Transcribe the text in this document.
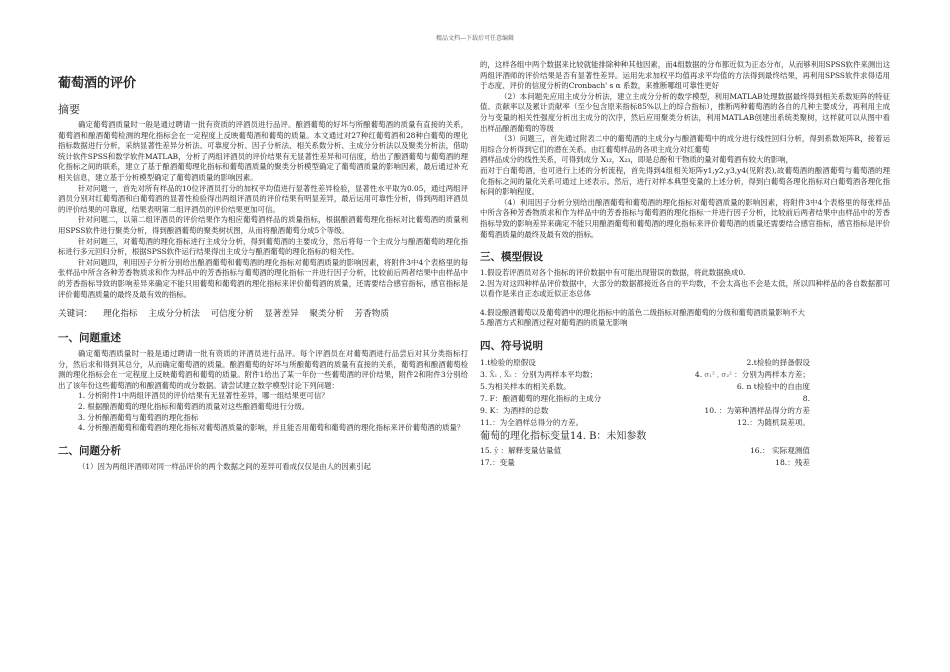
精品文档---下载后可任意编辑
葡萄酒的评价
摘要

确定葡萄酒质量时一般是通过聘请一批有资质的评酒员进行品评。酿酒葡萄的好坏与所酿葡萄酒的质量有直接的关系，葡萄酒和酿酒葡萄检测的理化指标会在一定程度上反映葡萄酒和葡萄的质量。本文通过对27种红葡萄酒和28种白葡萄的理化指标数据进行分析，采纳显著性差异分析法、可靠度分析、因子分析法、相关系数分析、主成分分析法以及聚类分析法，借助统计软件SPSS和数学软件MATLAB，分析了两组评酒员的评价结果有无显著性差异和可信度，给出了酿酒葡萄与葡萄酒的理化指标之间的联系，建立了基于酿酒葡萄理化指标和葡萄酒质量的聚类分析模型确定了葡萄酒质量的影响因素，最后通过补充相关信息，建立基于分析模型确定了葡萄酒质量的影响因素。

针对问题一，首先对所有样品的10位评酒员打分的加权平均值进行显著性差异检验，显著性水平取为0.05，通过两组评酒员分别对红葡萄酒和白葡萄酒的显著性检验得出两组评酒员的评价结果有明显差异，最后运用可靠性分析，得到两组评酒员的评价结果的可靠度，结果表明第二组评酒员的评价结果更加可信。

针对问题二，以第二组评酒员的评价结果作为相应葡萄酒样品的质量指标，根据酿酒葡萄理化指标对比葡萄酒的质量利用SPSS软件进行聚类分析，得到酿酒葡萄的聚类树状图，从而将酿酒葡萄分成5个等级。

针对问题三，对葡萄酒的理化指标进行主成分分析，得到葡萄酒的主要成分，然后将每一个主成分与酿酒葡萄的理化指标进行多元回归分析，根据SPSS软件运行结果得出主成分与酿酒葡萄的理化指标的相关性。

针对问题四，利用因子分析分别给出酿酒葡萄和葡萄酒的理化指标对葡萄酒质量的影响因素，将附件3中4个表格里的每张样品中所含各种芳香物质求和作为样品中的芳香指标与葡萄酒的理化指标一并进行因子分析，比较前后两者结果中由样品中的芳香指标导致的影响差异来确定不能只用葡萄和葡萄酒的理化指标来评价葡萄酒的质量，还需要结合感官指标，感官指标是评价葡萄酒质量的最终及最有效的指标。

关键词： 理化指标 主成分分析法 可信度分析 显著差异 聚类分析 芳香物质
一、问题重述

确定葡萄酒质量时一般是通过聘请一批有资质的评酒员进行品评。每个评酒员在对葡萄酒进行品尝后对其分类指标打分，然后求和得到其总分，从而确定葡萄酒的质量。酿酒葡萄的好坏与所酿葡萄酒的质量有直接的关系，葡萄酒和酿酒葡萄检测的理化指标会在一定程度上反映葡萄酒和葡萄的质量。附件1给出了某一年份一些葡萄酒的评价结果，附件2和附件3分别给出了该年份这些葡萄酒的和酿酒葡萄的成分数据。请尝试建立数学模型讨论下列问题：

1. 分析附件1中两组评酒员的评价结果有无显著性差异，哪一组结果更可信？

2. 根据酿酒葡萄的理化指标和葡萄酒的质量对这些酿酒葡萄进行分级。

3. 分析酿酒葡萄与葡萄酒的理化指标

4. 分析酿酒葡萄和葡萄酒的理化指标对葡萄酒质量的影响，并且能否用葡萄和葡萄酒的理化指标来评价葡萄酒的质量？

二、问题分析

（1）因为两组评酒师对同一样品评价的两个数据之间的差异可看成仅仅是由人的因素引起

的，这样各组中两个数据来比较就能排除种种其他因素，而4组数据的分布都近似为正态分布，从而够利用SPSS软件来测出这两组评酒师的评价结果是否有显著性差异。运用先求加权平均值再求平均值的方法得到最终结果，再利用SPSS软件求得适用于态度、评价的信度分析的Cronbach' s α 系数，来推断哪组可靠性更好

（2）本问题先应用主成分分析法，建立主成分分析的数学模型，利用MATLAB处理数据最终得到相关系数矩阵的特征值、贡献率以及累计贡献率（至少包含原来指标85%以上的综合指标），推断两种葡萄酒的各自的几种主要成分，再利用主成分与变量的相关性强度分析出主成分的次序，然后应用聚类分析法，利用MATLAB创建出系统类聚树，这样就可以从图中看出样品酿酒葡萄的等级

（3）问题三，首先通过附表二中的葡萄酒的主成分y与酿酒葡萄中的成分进行线性回归分析，得到系数矩阵R，接着运用综合分析得到它们的潜在关系。由红葡萄样品的各项主成分对红葡萄

酒样品成分的线性关系，可得到成分 X₁₂，X₂₃，即是总酚和干物质的量对葡萄酒有较大的影响，

而对于白葡萄酒，也可进行上述的分析流程，首先得到4组相关矩阵y1,y2,y3,y4(见附表),故葡萄酒的酿酒葡萄与葡萄酒的理化指标之间的量化关系可通过上述表示。然后，进行对样本典型变量的上述分析，得到白葡萄各理化指标对白葡萄酒各理化指标间的影响程度。

（4）利用因子分析分别给出酿酒葡萄和葡萄酒的理化指标对葡萄酒质量的影响因素，将附件3中4个表格里的每张样品中所含各种芳香物质求和作为样品中的芳香指标与葡萄酒的理化指标一并进行因子分析，比较前后两者结果中由样品中的芳香指标导致的影响差异来确定不能只用酿酒葡萄和葡萄酒的理化指标来评价葡萄酒的质量还需要结合感官指标，感官指标是评价葡萄酒质量的最终及最有效的指标。

三、模型假设

1.假设若评酒员对各个指标的评价数据中有可能出现错误的数据，将此数据换成0.

2.因为对这四种样品评价数据中，大部分的数据都接近各自的平均数，不会太高也不会是太低，所以四种样品的各自数据都可以看作是来自正态或近似正态总体

4.假设酿酒葡萄以及葡萄酒中的理化指标中的蓝色二级指标对酿酒葡萄的分级和葡萄酒质量影响不大

5.酿酒方式和酿酒过程对葡萄酒的质量无影响

四、符号说明
1.t检验的原假设	2.t检验的择备假设
3. X̄₁ , X̄₂ ：分别为两样本平均数；	4. σ₁² , σ₂² ：分别为两样本方差；
5.为相关样本的相关系数。	6. n t检验中的自由度
7. F：酿酒葡萄的理化指标的主成分	8.
9. K：为酒样的总数	10. ：为第种酒样品得分的方差
11.：为全酒样总得分的方差。	12.：为随机误差项。
葡萄的理化指标变量14. B：未知参数
15. ŷ ：解释变量估量值	16.： 实际观测值
17.：变量	18.：残差
